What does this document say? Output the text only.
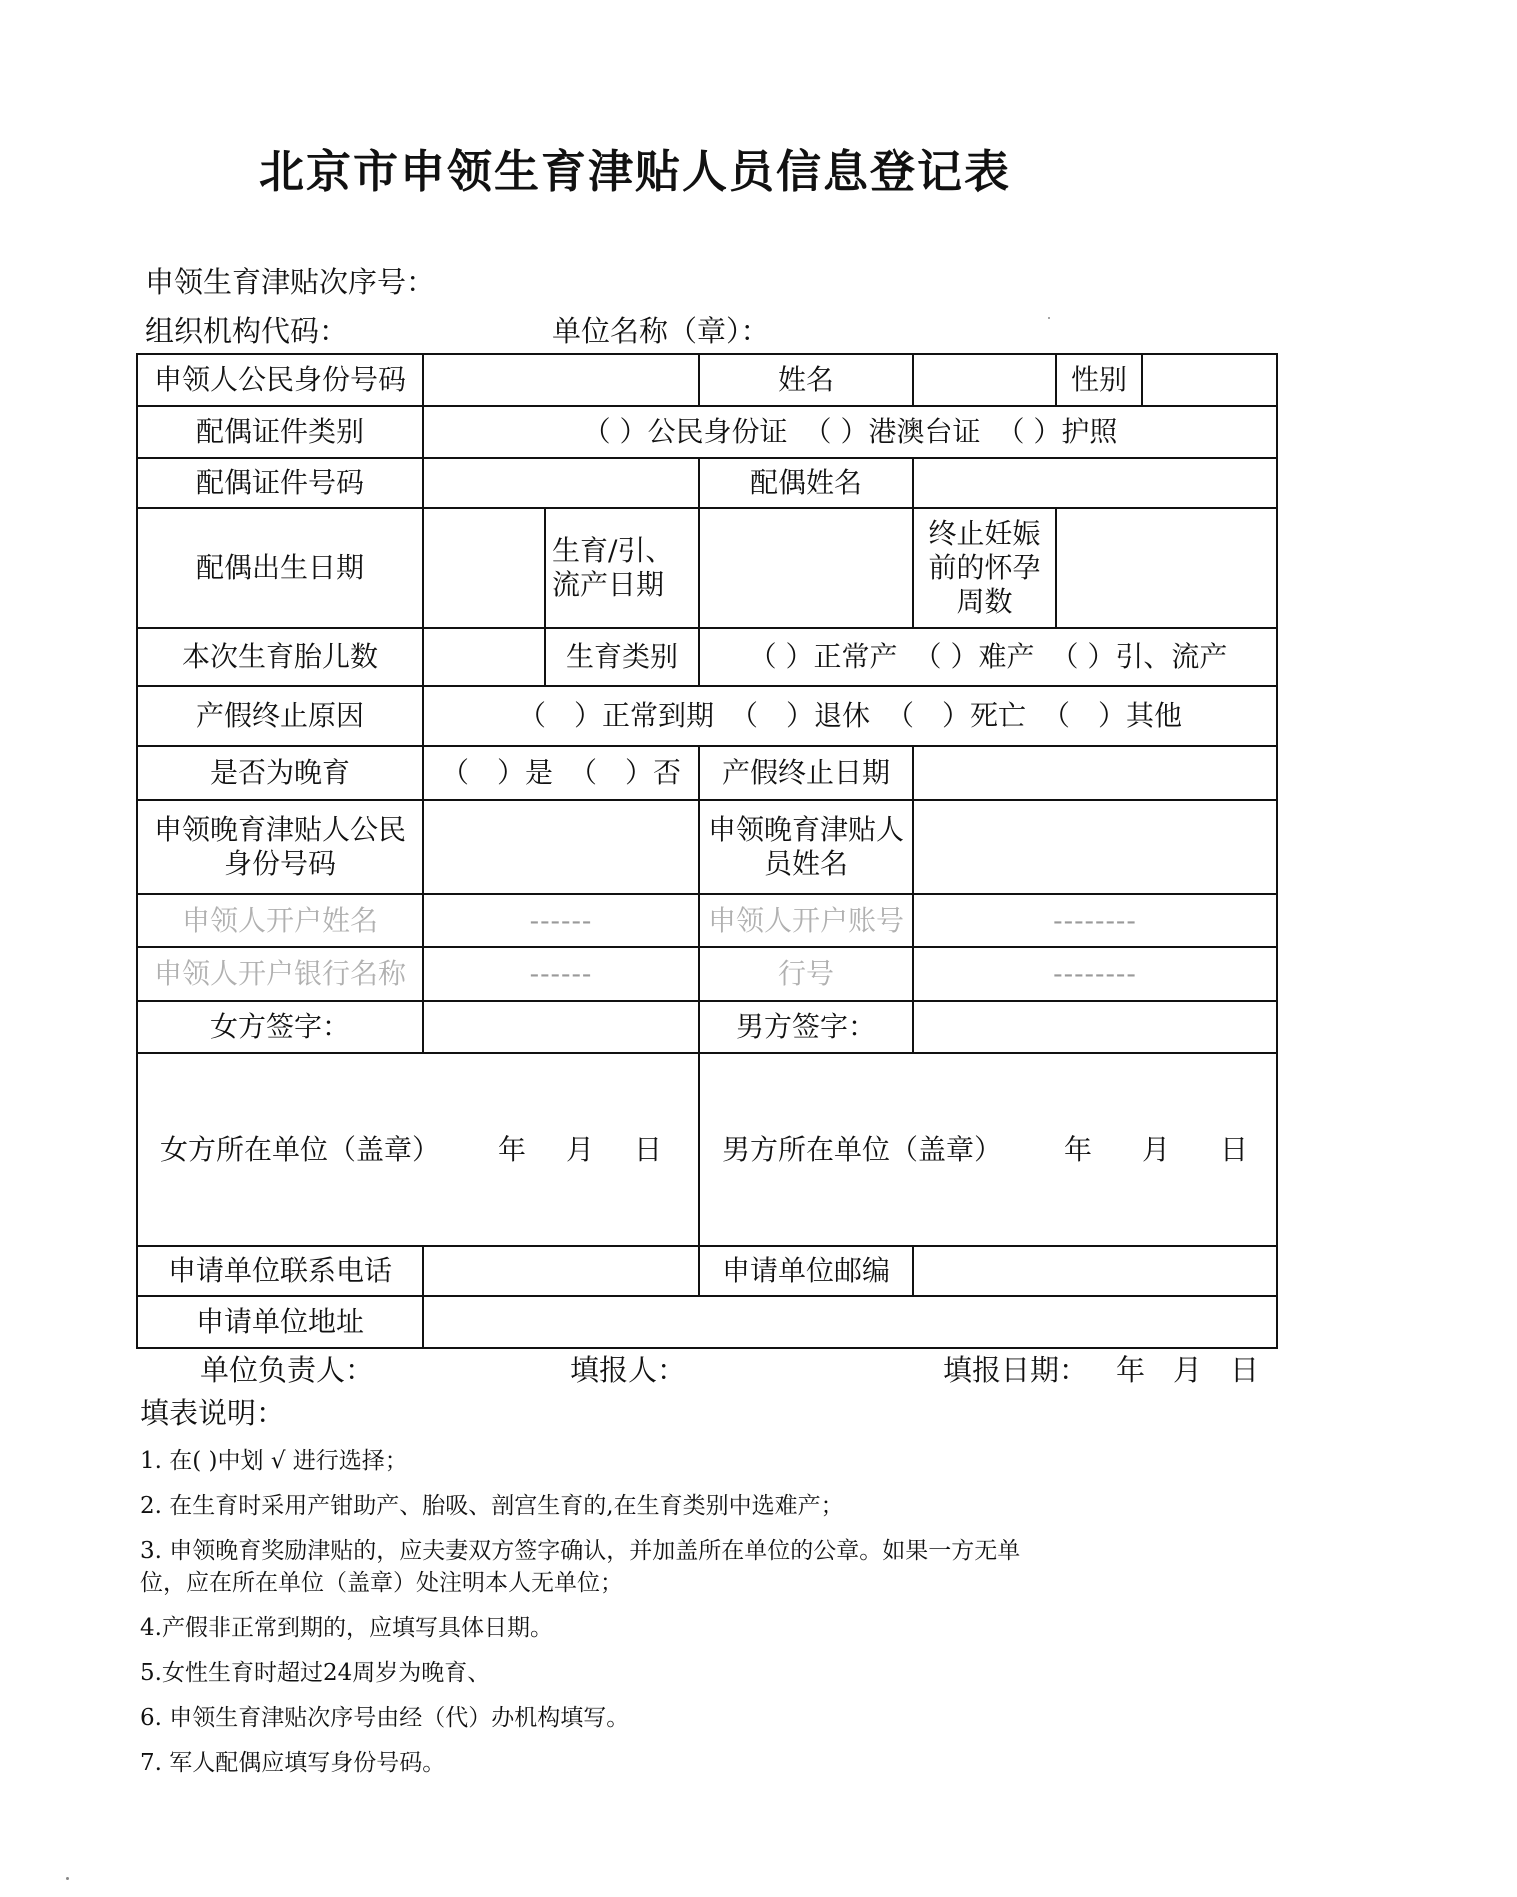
北京市申领生育津贴人员信息登记表
申领生育津贴次序号：
组织机构代码：	单位名称（章）：
申领人公民身份号码			姓名		性别	
配偶证件类别	（ ）公民身份证 （ ）港澳台证 （ ）护照					
配偶证件号码			配偶姓名			
配偶出生日期		生育/引、流产日期		终止妊娠前的怀孕周数		
本次生育胎儿数		生育类别	（ ）正常产 （ ）难产 （ ）引、流产			
产假终止原因	（　）正常到期 （　）退休 （　）死亡 （　）其他					
是否为晚育	（　）是 （　）否		产假终止日期			
申领晚育津贴人公民身份号码			申领晚育津贴人员姓名			
申领人开户姓名	------		申领人开户账号	--------		
申领人开户银行名称	------		行号	--------		
女方签字：			男方签字：			
女方所在单位（盖章） 年 月 日			男方所在单位（盖章） 年 月 日			
申请单位联系电话			申请单位邮编			
申请单位地址						
单位负责人：	填报人：	填报日期： 年 月 日
填表说明：
1. 在( )中划 √ 进行选择；
2. 在生育时采用产钳助产、胎吸、剖宫生育的,在生育类别中选难产；
3. 申领晚育奖励津贴的，应夫妻双方签字确认，并加盖所在单位的公章。如果一方无单位，应在所在单位（盖章）处注明本人无单位；
4.产假非正常到期的，应填写具体日期。
5.女性生育时超过24周岁为晚育、
6. 申领生育津贴次序号由经（代）办机构填写。
7. 军人配偶应填写身份号码。
